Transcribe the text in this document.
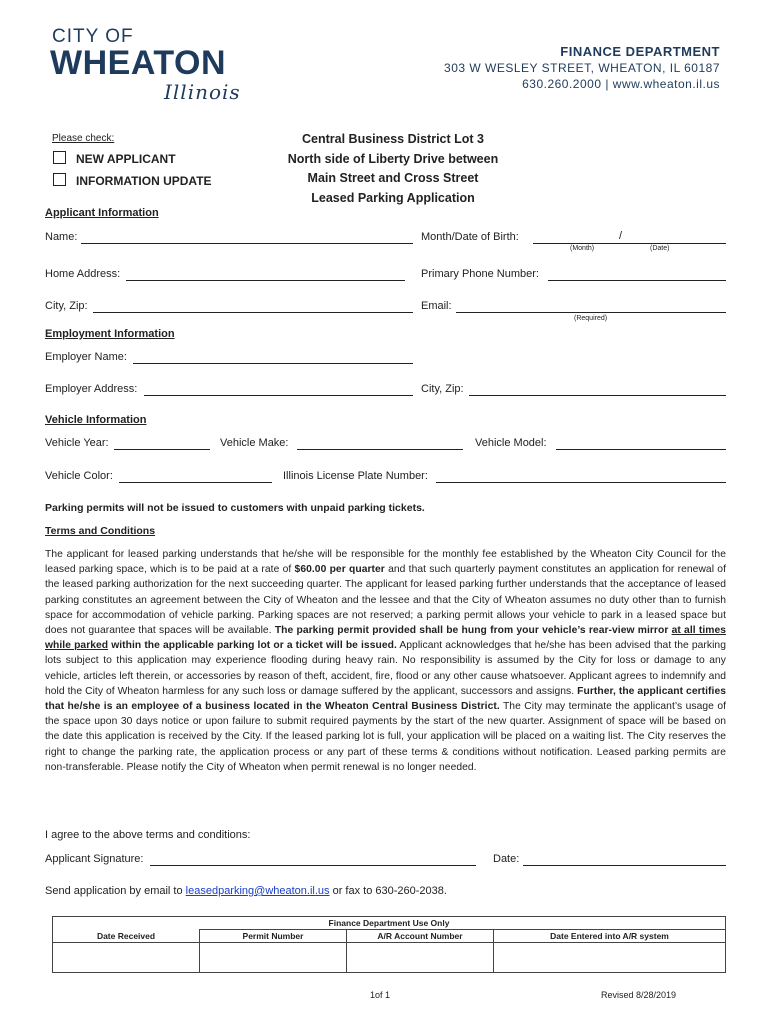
CITY OF
WHEATON
Illinois
FINANCE DEPARTMENT
303 W WESLEY STREET, WHEATON, IL 60187
630.260.2000 | www.wheaton.il.us
Please check:
NEW APPLICANT
INFORMATION UPDATE
Central Business District Lot 3
North side of Liberty Drive between
Main Street and Cross Street
Leased Parking Application
Applicant Information
Name:	Month/Date of Birth:	/
(Month)	(Date)
Home Address:	Primary Phone Number:
City, Zip:	Email:
(Required)
Employment Information
Employer Name:
Employer Address:	City, Zip:
Vehicle Information
Vehicle Year:	Vehicle Make:	Vehicle Model:
Vehicle Color:	Illinois License Plate Number:
Parking permits will not be issued to customers with unpaid parking tickets.
Terms and Conditions
The applicant for leased parking understands that he/she will be responsible for the monthly fee established by the Wheaton City Council for the leased parking space, which is to be paid at a rate of $60.00 per quarter and that such quarterly payment constitutes an application for renewal of the leased parking authorization for the next succeeding quarter. The applicant for leased parking further understands that the acceptance of leased parking constitutes an agreement between the City of Wheaton and the lessee and that the City of Wheaton assumes no duty other than to furnish space for accommodation of vehicle parking. Parking spaces are not reserved; a parking permit allows your vehicle to park in a leased space but does not guarantee that spaces will be available. The parking permit provided shall be hung from your vehicle’s rear-view mirror at all times while parked within the applicable parking lot or a ticket will be issued. Applicant acknowledges that he/she has been advised that the parking lots subject to this application may experience flooding during heavy rain. No responsibility is assumed by the City for loss or damage to any vehicle, articles left therein, or accessories by reason of theft, accident, fire, flood or any other cause whatsoever. Applicant agrees to indemnify and hold the City of Wheaton harmless for any such loss or damage suffered by the applicant, successors and assigns. Further, the applicant certifies that he/she is an employee of a business located in the Wheaton Central Business District. The City may terminate the applicant’s usage of the space upon 30 days notice or upon failure to submit required payments by the start of the new quarter. Assignment of space will be based on the date this application is received by the City. If the leased parking lot is full, your application will be placed on a waiting list. The City reserves the right to change the parking rate, the application process or any part of these terms & conditions without notification. Leased parking permits are non-transferable. Please notify the City of Wheaton when permit renewal is no longer needed.
I agree to the above terms and conditions:
Applicant Signature:	Date:
Send application by email to leasedparking@wheaton.il.us or fax to 630-260-2038.
Finance Department Use Only			
Date Received	Permit Number	A/R Account Number	Date Entered into A/R system

1of 1	Revised 8/28/2019
